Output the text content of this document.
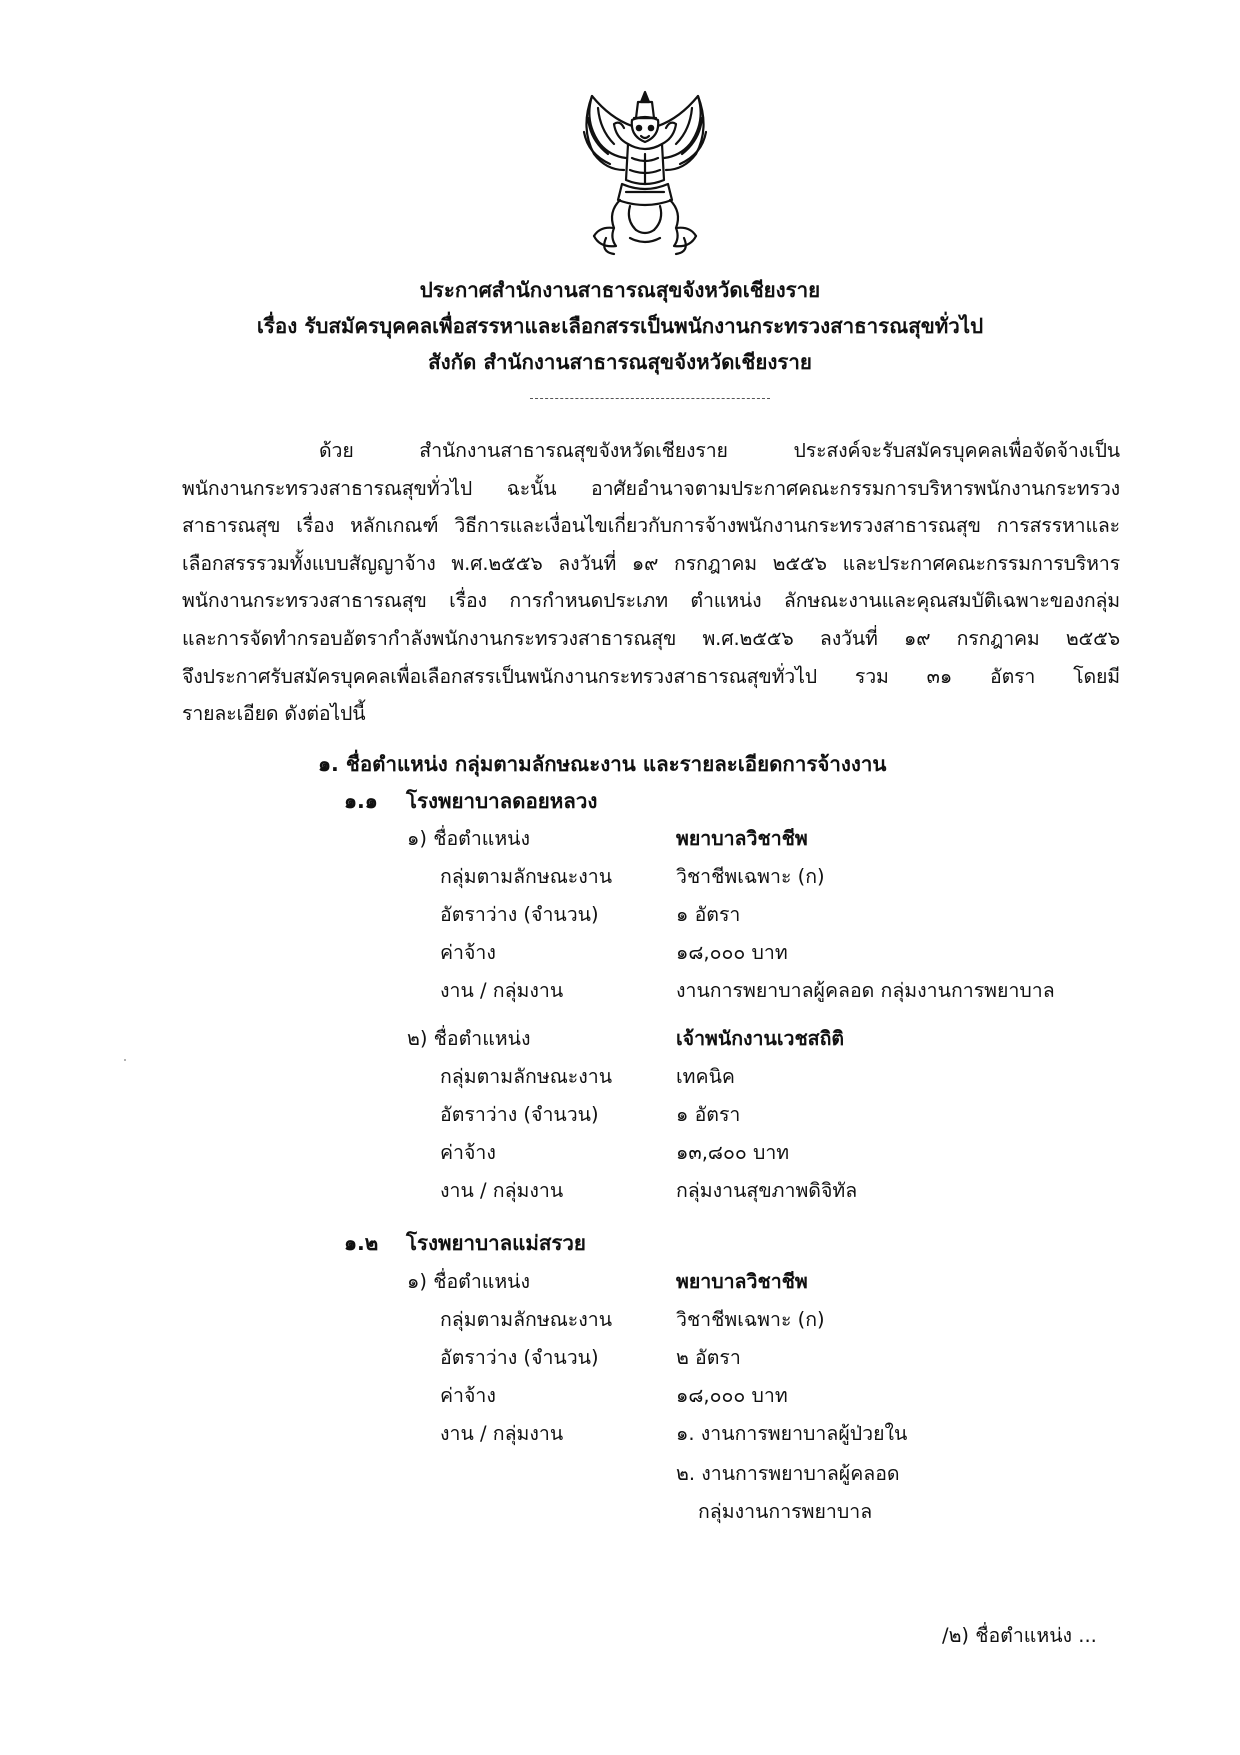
ประกาศสำนักงานสาธารณสุขจังหวัดเชียงราย
เรื่อง รับสมัครบุคคลเพื่อสรรหาและเลือกสรรเป็นพนักงานกระทรวงสาธารณสุขทั่วไป
สังกัด สำนักงานสาธารณสุขจังหวัดเชียงราย
ด้วย สำนักงานสาธารณสุขจังหวัดเชียงราย ประสงค์จะรับสมัครบุคคลเพื่อจัดจ้างเป็น
พนักงานกระทรวงสาธารณสุขทั่วไป ฉะนั้น อาศัยอำนาจตามประกาศคณะกรรมการบริหารพนักงานกระทรวง
สาธารณสุข เรื่อง หลักเกณฑ์ วิธีการและเงื่อนไขเกี่ยวกับการจ้างพนักงานกระทรวงสาธารณสุข การสรรหาและ
เลือกสรรรวมทั้งแบบสัญญาจ้าง พ.ศ.๒๕๕๖ ลงวันที่ ๑๙ กรกฎาคม ๒๕๕๖ และประกาศคณะกรรมการบริหาร
พนักงานกระทรวงสาธารณสุข เรื่อง การกำหนดประเภท ตำแหน่ง ลักษณะงานและคุณสมบัติเฉพาะของกลุ่ม
และการจัดทำกรอบอัตรากำลังพนักงานกระทรวงสาธารณสุข พ.ศ.๒๕๕๖ ลงวันที่ ๑๙ กรกฎาคม ๒๕๕๖
จึงประกาศรับสมัครบุคคลเพื่อเลือกสรรเป็นพนักงานกระทรวงสาธารณสุขทั่วไป รวม ๓๑ อัตรา โดยมี
รายละเอียด ดังต่อไปนี้
๑. ชื่อตำแหน่ง กลุ่มตามลักษณะงาน และรายละเอียดการจ้างงาน
๑.๑ โรงพยาบาลดอยหลวง
๑) ชื่อตำแหน่ง	พยาบาลวิชาชีพ
กลุ่มตามลักษณะงาน	วิชาชีพเฉพาะ (ก)
อัตราว่าง (จำนวน)	๑ อัตรา
ค่าจ้าง	๑๘,๐๐๐ บาท
งาน / กลุ่มงาน	งานการพยาบาลผู้คลอด กลุ่มงานการพยาบาล
๒) ชื่อตำแหน่ง	เจ้าพนักงานเวชสถิติ
กลุ่มตามลักษณะงาน	เทคนิค
อัตราว่าง (จำนวน)	๑ อัตรา
ค่าจ้าง	๑๓,๘๐๐ บาท
งาน / กลุ่มงาน	กลุ่มงานสุขภาพดิจิทัล
๑.๒ โรงพยาบาลแม่สรวย
๑) ชื่อตำแหน่ง	พยาบาลวิชาชีพ
กลุ่มตามลักษณะงาน	วิชาชีพเฉพาะ (ก)
อัตราว่าง (จำนวน)	๒ อัตรา
ค่าจ้าง	๑๘,๐๐๐ บาท
งาน / กลุ่มงาน	๑. งานการพยาบาลผู้ป่วยใน
๒. งานการพยาบาลผู้คลอด
กลุ่มงานการพยาบาล
/๒) ชื่อตำแหน่ง ...
